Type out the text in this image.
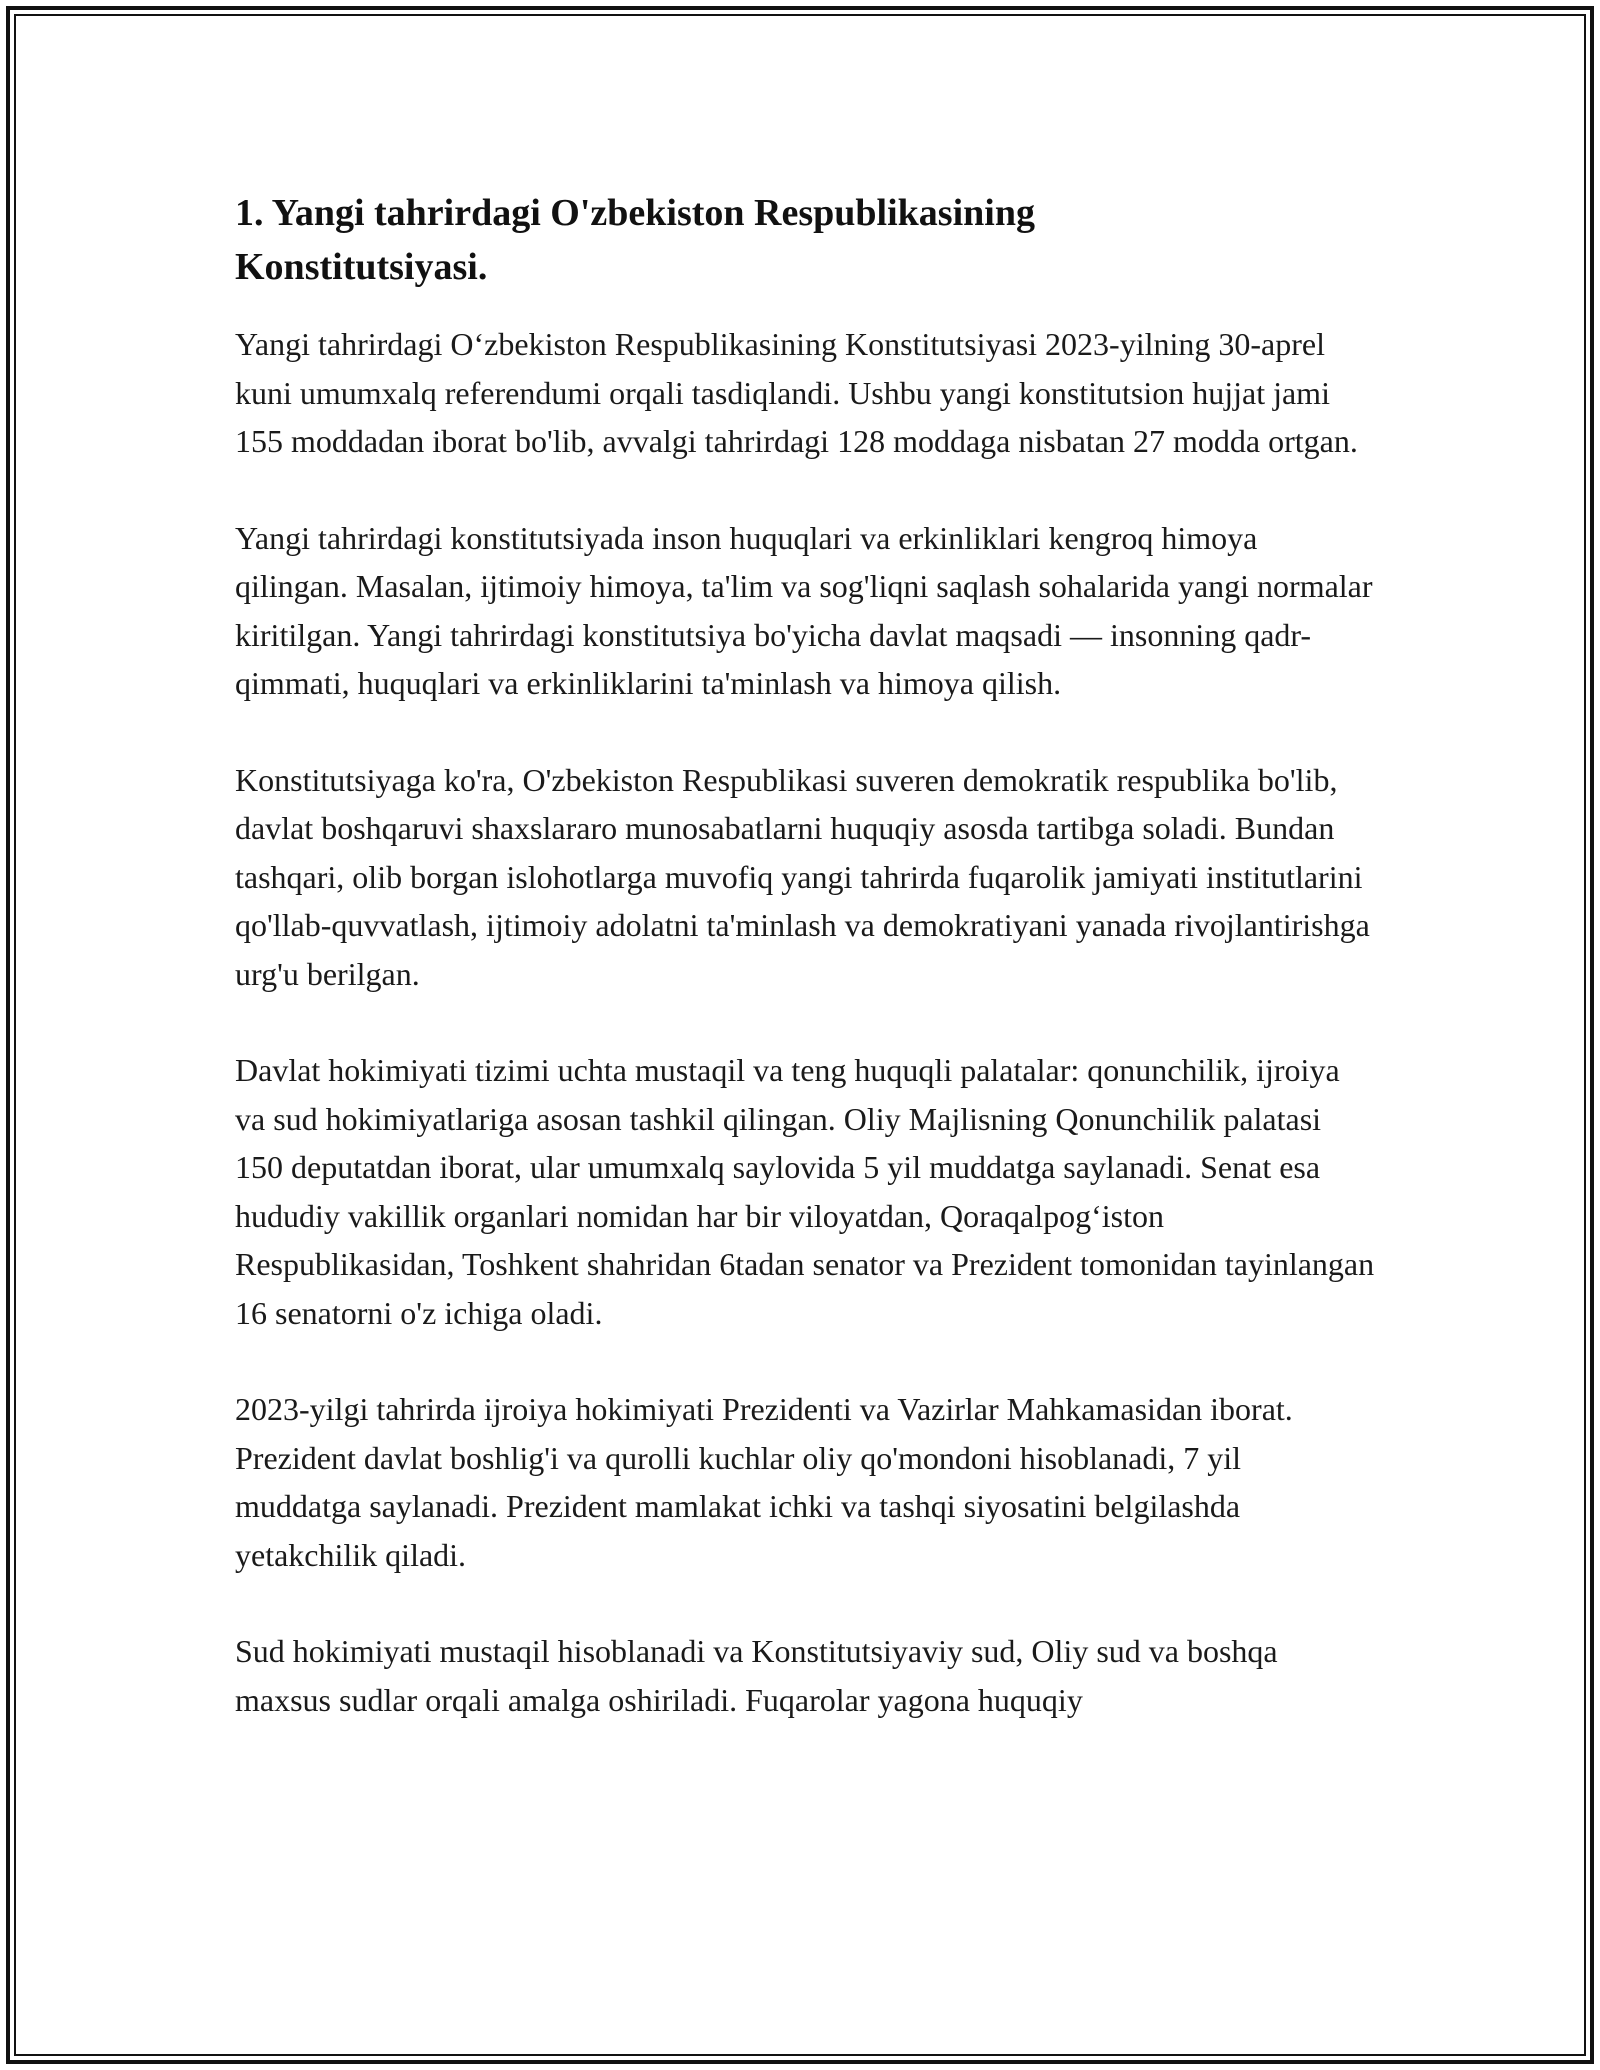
1. Yangi tahrirdagi O'zbekiston Respublikasining
Konstitutsiyasi.

Yangi tahrirdagi O‘zbekiston Respublikasining Konstitutsiyasi 2023-yilning 30-aprel kuni umumxalq referendumi orqali tasdiqlandi. Ushbu yangi konstitutsion hujjat jami 155 moddadan iborat bo'lib, avvalgi tahrirdagi 128 moddaga nisbatan 27 modda ortgan.

Yangi tahrirdagi konstitutsiyada inson huquqlari va erkinliklari kengroq himoya qilingan. Masalan, ijtimoiy himoya, ta'lim va sog'liqni saqlash sohalarida yangi normalar kiritilgan. Yangi tahrirdagi konstitutsiya bo'yicha davlat maqsadi — insonning qadr-qimmati, huquqlari va erkinliklarini ta'minlash va himoya qilish.

Konstitutsiyaga ko'ra, O'zbekiston Respublikasi suveren demokratik respublika bo'lib, davlat boshqaruvi shaxslararo munosabatlarni huquqiy asosda tartibga soladi. Bundan tashqari, olib borgan islohotlarga muvofiq yangi tahrirda fuqarolik jamiyati institutlarini qo'llab-quvvatlash, ijtimoiy adolatni ta'minlash va demokratiyani yanada rivojlantirishga urg'u berilgan.

Davlat hokimiyati tizimi uchta mustaqil va teng huquqli palatalar: qonunchilik, ijroiya va sud hokimiyatlariga asosan tashkil qilingan. Oliy Majlisning Qonunchilik palatasi 150 deputatdan iborat, ular umumxalq saylovida 5 yil muddatga saylanadi. Senat esa hududiy vakillik organlari nomidan har bir viloyatdan, Qoraqalpog‘iston Respublikasidan, Toshkent shahridan 6tadan senator va Prezident tomonidan tayinlangan 16 senatorni o'z ichiga oladi.

2023-yilgi tahrirda ijroiya hokimiyati Prezidenti va Vazirlar Mahkamasidan iborat. Prezident davlat boshlig'i va qurolli kuchlar oliy qo'mondoni hisoblanadi, 7 yil muddatga saylanadi. Prezident mamlakat ichki va tashqi siyosatini belgilashda yetakchilik qiladi.

Sud hokimiyati mustaqil hisoblanadi va Konstitutsiyaviy sud, Oliy sud va boshqa maxsus sudlar orqali amalga oshiriladi. Fuqarolar yagona huquqiy
